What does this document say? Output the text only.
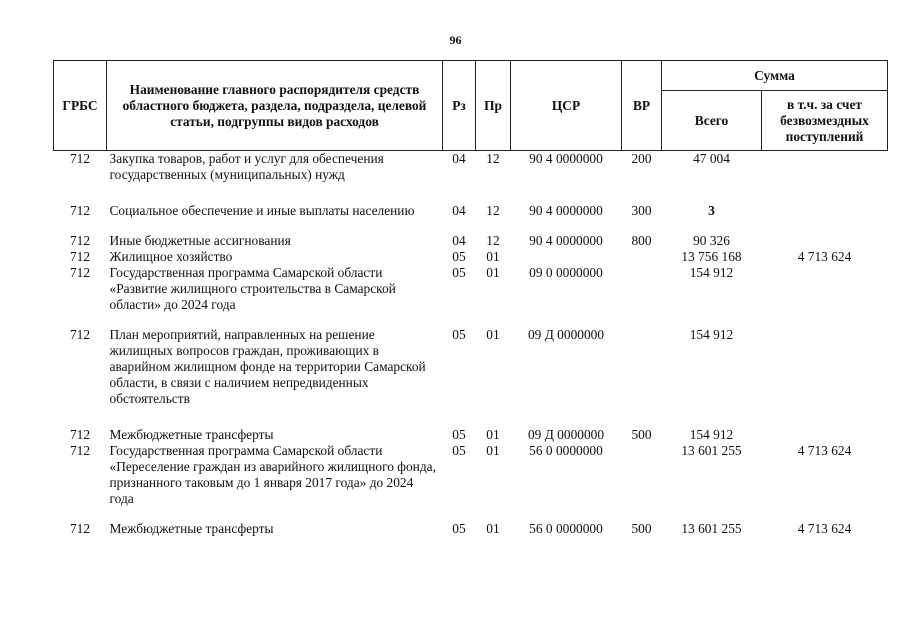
96
ГРБС	Наименование главного распорядителя средств областного бюджета, раздела, подраздела, целевой статьи, подгруппы видов расходов	Рз	Пр	ЦСР	ВР	Сумма	
						Всего	в т.ч. за счет безвозмездных поступлений
712	Закупка товаров, работ и услуг для обеспечения государственных (муниципальных) нужд	04	12	90 4 0000000	200	47 004	
712	Социальное обеспечение и иные выплаты населению	04	12	90 4 0000000	300	3	
712	Иные бюджетные ассигнования	04	12	90 4 0000000	800	90 326	
712	Жилищное хозяйство	05	01			13 756 168	4 713 624
712	Государственная программа Самарской области «Развитие жилищного строительства в Самарской области» до 2024 года	05	01	09 0 0000000		154 912	
712	План мероприятий, направленных на решение жилищных вопросов граждан, проживающих в аварийном жилищном фонде на территории Самарской области, в связи с наличием непредвиденных обстоятельств	05	01	09 Д 0000000		154 912	
712	Межбюджетные трансферты	05	01	09 Д 0000000	500	154 912	
712	Государственная программа Самарской области «Переселение граждан из аварийного жилищного фонда, признанного таковым до 1 января 2017 года» до 2024 года	05	01	56 0 0000000		13 601 255	4 713 624
712	Межбюджетные трансферты	05	01	56 0 0000000	500	13 601 255	4 713 624
